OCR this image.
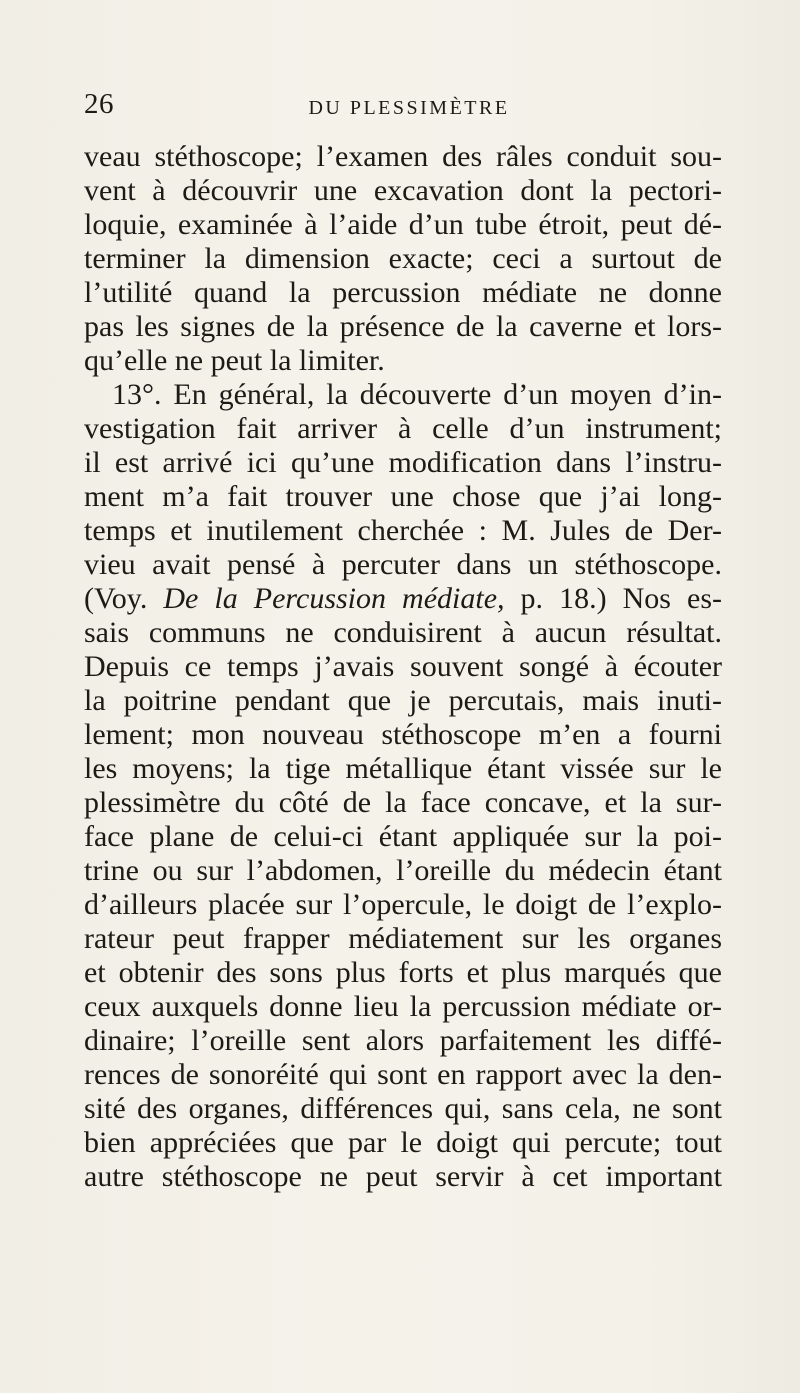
26	DU PLESSIMÈTRE
veau stéthoscope; l’examen des râles conduit sou-
vent à découvrir une excavation dont la pectori-
loquie, examinée à l’aide d’un tube étroit, peut dé-
terminer la dimension exacte; ceci a surtout de
l’utilité quand la percussion médiate ne donne
pas les signes de la présence de la caverne et lors-
qu’elle ne peut la limiter.
13°. En général, la découverte d’un moyen d’in-
vestigation fait arriver à celle d’un instrument;
il est arrivé ici qu’une modification dans l’instru-
ment m’a fait trouver une chose que j’ai long-
temps et inutilement cherchée : M. Jules de Der-
vieu avait pensé à percuter dans un stéthoscope.
(Voy. De la Percussion médiate, p. 18.) Nos es-
sais communs ne conduisirent à aucun résultat.
Depuis ce temps j’avais souvent songé à écouter
la poitrine pendant que je percutais, mais inuti-
lement; mon nouveau stéthoscope m’en a fourni
les moyens; la tige métallique étant vissée sur le
plessimètre du côté de la face concave, et la sur-
face plane de celui-ci étant appliquée sur la poi-
trine ou sur l’abdomen, l’oreille du médecin étant
d’ailleurs placée sur l’opercule, le doigt de l’explo-
rateur peut frapper médiatement sur les organes
et obtenir des sons plus forts et plus marqués que
ceux auxquels donne lieu la percussion médiate or-
dinaire; l’oreille sent alors parfaitement les diffé-
rences de sonoréité qui sont en rapport avec la den-
sité des organes, différences qui, sans cela, ne sont
bien appréciées que par le doigt qui percute; tout
autre stéthoscope ne peut servir à cet important
